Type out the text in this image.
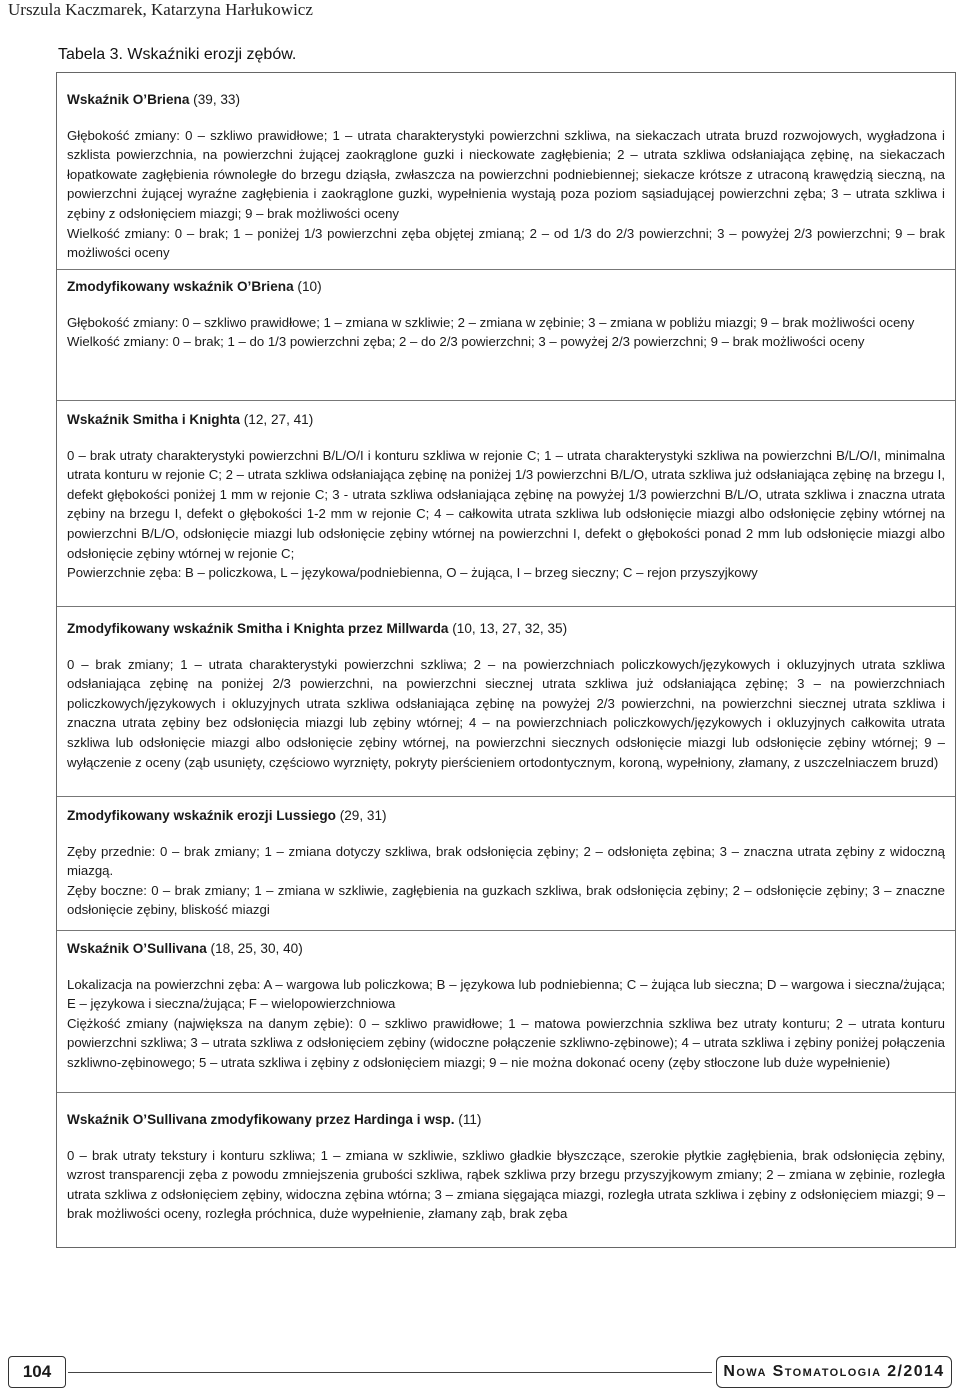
Urszula Kaczmarek, Katarzyna Harłukowicz
Tabela 3. Wskaźniki erozji zębów.
Wskaźnik O’Briena (39, 33)

Głębokość zmiany: 0 – szkliwo prawidłowe; 1 – utrata charakterystyki powierzchni szkliwa, na siekaczach utrata bruzd rozwojowych, wygładzona i szklista powierzchnia, na powierzchni żującej zaokrąglone guzki i nieckowate zagłębienia; 2 – utrata szkliwa odsłaniająca zębinę, na siekaczach łopatkowate zagłębienia równoległe do brzegu dziąsła, zwłaszcza na powierzchni podniebiennej; siekacze krótsze z utraconą krawędzią sieczną, na powierzchni żującej wyraźne zagłębienia i zaokrąglone guzki, wypełnienia wystają poza poziom sąsiadującej powierzchni zęba; 3 – utrata szkliwa i zębiny z odsłonięciem miazgi; 9 – brak możliwości oceny

Wielkość zmiany: 0 – brak; 1 – poniżej 1/3 powierzchni zęba objętej zmianą; 2 – od 1/3 do 2/3 powierzchni; 3 – powyżej 2/3 powierzchni; 9 – brak możliwości oceny

Zmodyfikowany wskaźnik O’Briena (10)

Głębokość zmiany: 0 – szkliwo prawidłowe; 1 – zmiana w szkliwie; 2 – zmiana w zębinie; 3 – zmiana w pobliżu miazgi; 9 – brak możliwości oceny

Wielkość zmiany: 0 – brak; 1 – do 1/3 powierzchni zęba; 2 – do 2/3 powierzchni; 3 – powyżej 2/3 powierzchni; 9 – brak możliwości oceny

Wskaźnik Smitha i Knighta (12, 27, 41)

0 – brak utraty charakterystyki powierzchni B/L/O/I i konturu szkliwa w rejonie C; 1 – utrata charakterystyki szkliwa na powierzchni B/L/O/I, minimalna utrata konturu w rejonie C; 2 – utrata szkliwa odsłaniająca zębinę na poniżej 1/3 powierzchni B/L/O, utrata szkliwa już odsłaniająca zębinę na brzegu I, defekt głębokości poniżej 1 mm w rejonie C; 3 - utrata szkliwa odsłaniająca zębinę na powyżej 1/3 powierzchni B/L/O, utrata szkliwa i znaczna utrata zębiny na brzegu I, defekt o głębokości 1-2 mm w rejonie C; 4 – całkowita utrata szkliwa lub odsłonięcie miazgi albo odsłonięcie zębiny wtórnej na powierzchni B/L/O, odsłonięcie miazgi lub odsłonięcie zębiny wtórnej na powierzchni I, defekt o głębokości ponad 2 mm lub odsłonięcie miazgi albo odsłonięcie zębiny wtórnej w rejonie C;

Powierzchnie zęba: B – policzkowa, L – językowa/podniebienna, O – żująca, I – brzeg sieczny; C – rejon przyszyjkowy

Zmodyfikowany wskaźnik Smitha i Knighta przez Millwarda (10, 13, 27, 32, 35)

0 – brak zmiany; 1 – utrata charakterystyki powierzchni szkliwa; 2 – na powierzchniach policzkowych/językowych i okluzyjnych utrata szkliwa odsłaniająca zębinę na poniżej 2/3 powierzchni, na powierzchni siecznej utrata szkliwa już odsłaniająca zębinę; 3 – na powierzchniach policzkowych/językowych i okluzyjnych utrata szkliwa odsłaniająca zębinę na powyżej 2/3 powierzchni, na powierzchni siecznej utrata szkliwa i znaczna utrata zębiny bez odsłonięcia miazgi lub zębiny wtórnej; 4 – na powierzchniach policzkowych/językowych i okluzyjnych całkowita utrata szkliwa lub odsłonięcie miazgi albo odsłonięcie zębiny wtórnej, na powierzchni siecznych odsłonięcie miazgi lub odsłonięcie zębiny wtórnej; 9 – wyłączenie z oceny (ząb usunięty, częściowo wyrznięty, pokryty pierścieniem ortodontycznym, koroną, wypełniony, złamany, z uszczelniaczem bruzd)

Zmodyfikowany wskaźnik erozji Lussiego (29, 31)

Zęby przednie: 0 – brak zmiany; 1 – zmiana dotyczy szkliwa, brak odsłonięcia zębiny; 2 – odsłonięta zębina; 3 – znaczna utrata zębiny z widoczną miazgą.

Zęby boczne: 0 – brak zmiany; 1 – zmiana w szkliwie, zagłębienia na guzkach szkliwa, brak odsłonięcia zębiny; 2 – odsłonięcie zębiny; 3 – znaczne odsłonięcie zębiny, bliskość miazgi

Wskaźnik O’Sullivana (18, 25, 30, 40)

Lokalizacja na powierzchni zęba: A – wargowa lub policzkowa; B – językowa lub podniebienna; C – żująca lub sieczna; D – wargowa i sieczna/żująca; E – językowa i sieczna/żująca; F – wielopowierzchniowa

Ciężkość zmiany (największa na danym zębie): 0 – szkliwo prawidłowe; 1 – matowa powierzchnia szkliwa bez utraty konturu; 2 – utrata konturu powierzchni szkliwa; 3 – utrata szkliwa z odsłonięciem zębiny (widoczne połączenie szkliwno-zębinowe); 4 – utrata szkliwa i zębiny poniżej połączenia szkliwno-zębinowego; 5 – utrata szkliwa i zębiny z odsłonięciem miazgi; 9 – nie można dokonać oceny (zęby stłoczone lub duże wypełnienie)

Wskaźnik O’Sullivana zmodyfikowany przez Hardinga i wsp. (11)

0 – brak utraty tekstury i konturu szkliwa; 1 – zmiana w szkliwie, szkliwo gładkie błyszczące, szerokie płytkie zagłębienia, brak odsłonięcia zębiny, wzrost transparencji zęba z powodu zmniejszenia grubości szkliwa, rąbek szkliwa przy brzegu przyszyjkowym zmiany; 2 – zmiana w zębinie, rozległa utrata szkliwa z odsłonięciem zębiny, widoczna zębina wtórna; 3 – zmiana sięgająca miazgi, rozległa utrata szkliwa i zębiny z odsłonięciem miazgi; 9 – brak możliwości oceny, rozległa próchnica, duże wypełnienie, złamany ząb, brak zęba

104	Nowa Stomatologia 2/2014
